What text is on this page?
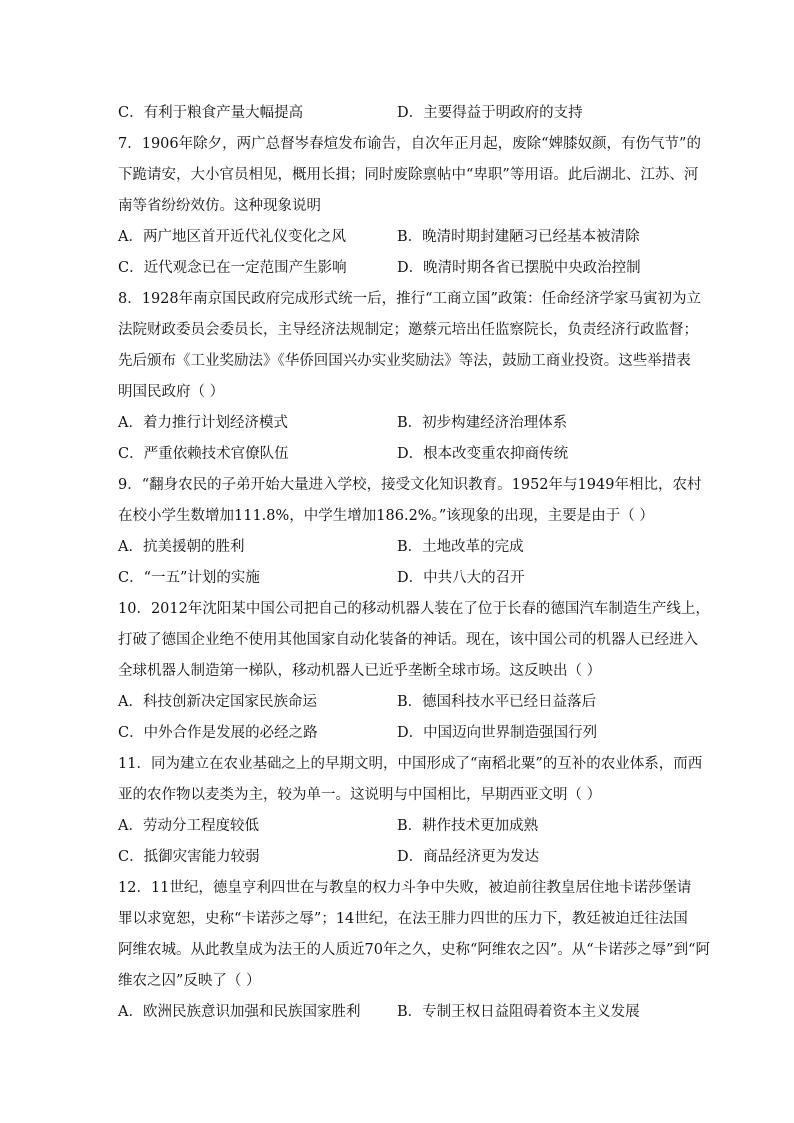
C．有利于粮食产量大幅提高	D．主要得益于明政府的支持
7．1906年除夕，两广总督岑春煊发布谕告，自次年正月起，废除“婢膝奴颜，有伤气节”的
下跪请安，大小官员相见，概用长揖；同时废除禀帖中“卑职”等用语。此后湖北、江苏、河
南等省纷纷效仿。这种现象说明
A．两广地区首开近代礼仪变化之风	B．晚清时期封建陋习已经基本被清除
C．近代观念已在一定范围产生影响	D．晚清时期各省已摆脱中央政治控制
8．1928年南京国民政府完成形式统一后，推行“工商立国”政策：任命经济学家马寅初为立
法院财政委员会委员长，主导经济法规制定；邀蔡元培出任监察院长，负责经济行政监督；
先后颁布《工业奖励法》《华侨回国兴办实业奖励法》等法，鼓励工商业投资。这些举措表
明国民政府（ ）
A．着力推行计划经济模式	B．初步构建经济治理体系
C．严重依赖技术官僚队伍	D．根本改变重农抑商传统
9．“翻身农民的子弟开始大量进入学校，接受文化知识教育。1952年与1949年相比，农村
在校小学生数增加111.8%，中学生增加186.2%。”该现象的出现，主要是由于（ ）
A．抗美援朝的胜利	B．土地改革的完成
C．“一五”计划的实施	D．中共八大的召开
10．2012年沈阳某中国公司把自己的移动机器人装在了位于长春的德国汽车制造生产线上，
打破了德国企业绝不使用其他国家自动化装备的神话。现在，该中国公司的机器人已经进入
全球机器人制造第一梯队，移动机器人已近乎垄断全球市场。这反映出（ ）
A．科技创新决定国家民族命运	B．德国科技水平已经日益落后
C．中外合作是发展的必经之路	D．中国迈向世界制造强国行列
11．同为建立在农业基础之上的早期文明，中国形成了“南稻北粟”的互补的农业体系，而西
亚的农作物以麦类为主，较为单一。这说明与中国相比，早期西亚文明（ ）
A．劳动分工程度较低	B．耕作技术更加成熟
C．抵御灾害能力较弱	D．商品经济更为发达
12．11世纪，德皇亨利四世在与教皇的权力斗争中失败，被迫前往教皇居住地卡诺莎堡请
罪以求宽恕，史称“卡诺莎之辱”；14世纪，在法王腓力四世的压力下，教廷被迫迁往法国
阿维农城。从此教皇成为法王的人质近70年之久，史称“阿维农之囚”。从“卡诺莎之辱”到“阿
维农之囚”反映了（ ）
A．欧洲民族意识加强和民族国家胜利	B．专制王权日益阻碍着资本主义发展
